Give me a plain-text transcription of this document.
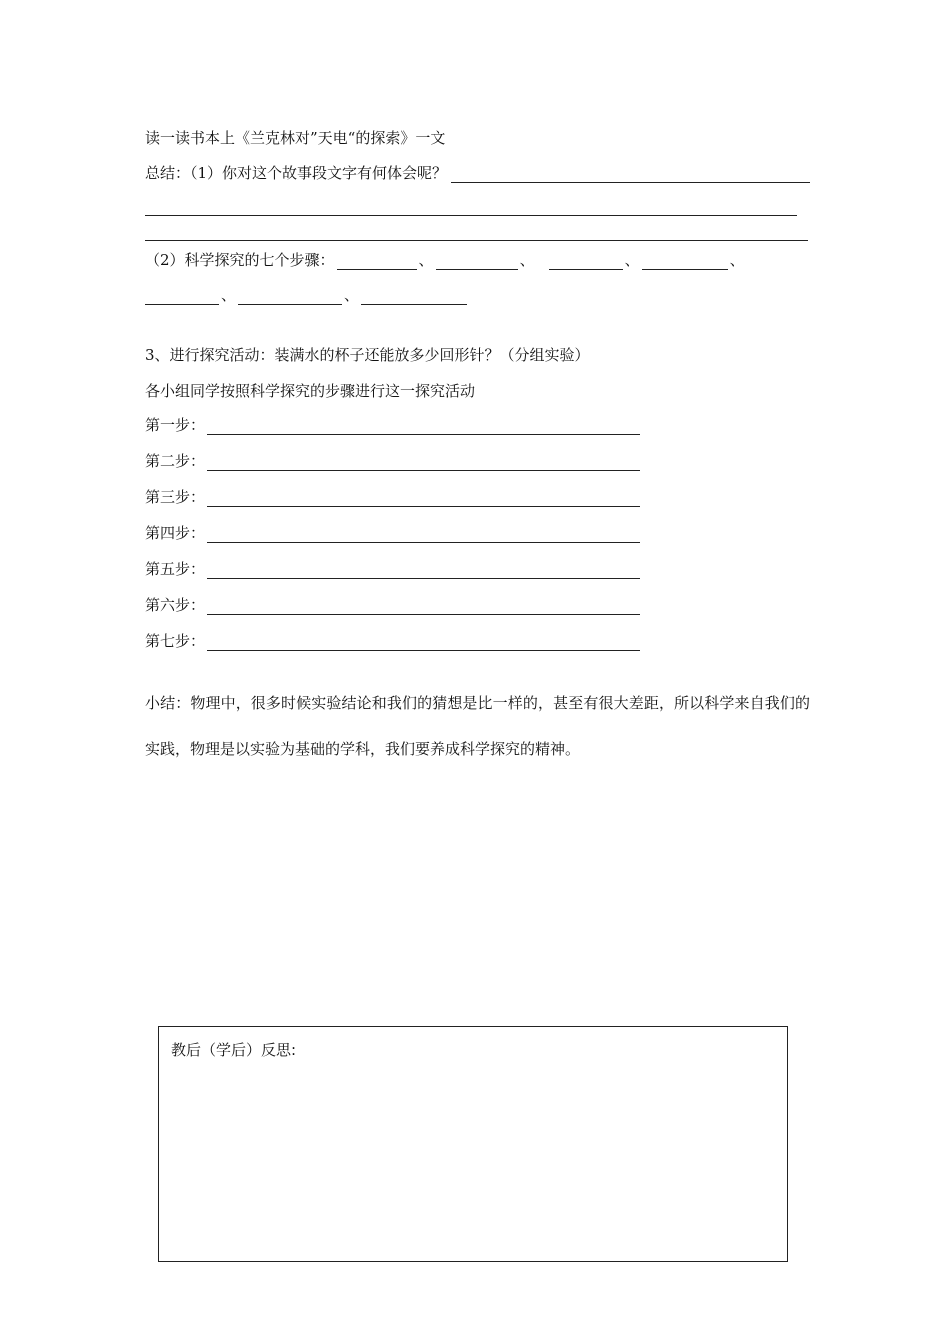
读一读书本上《兰克林对”天电“的探索》一文
总结：（1）你对这个故事段文字有何体会呢？
（2）科学探究的七个步骤：	、	、	、	、
、	、
3、进行探究活动：装满水的杯子还能放多少回形针？（分组实验）
各小组同学按照科学探究的步骤进行这一探究活动
第一步：
第二步：
第三步：
第四步：
第五步：
第六步：
第七步：
小结：物理中，很多时候实验结论和我们的猜想是比一样的，甚至有很大差距，所以科学来自我们的实践，物理是以实验为基础的学科，我们要养成科学探究的精神。
教后（学后）反思:
